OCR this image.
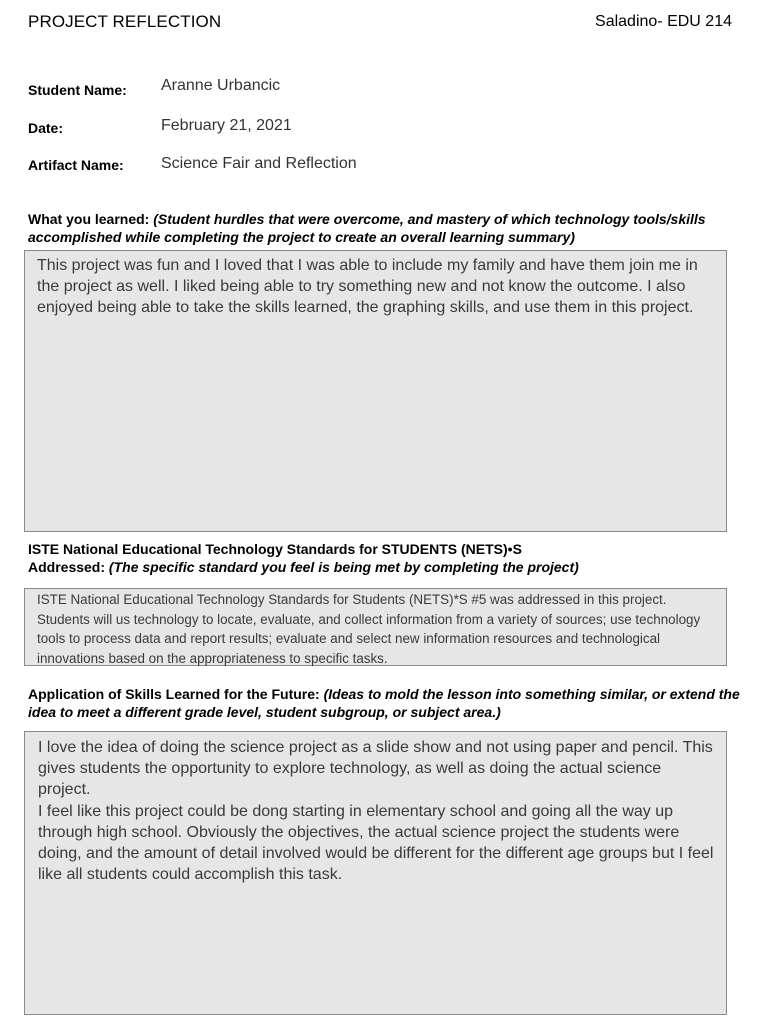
PROJECT REFLECTION	Saladino- EDU 214
Student Name: Aranne Urbancic
Date:	February 21, 2021
Artifact Name: Science Fair and Reflection
What you learned: (Student hurdles that were overcome, and mastery of which technology tools/skills accomplished while completing the project to create an overall learning summary)

This project was fun and I loved that I was able to include my family and have them join me in the project as well. I liked being able to try something new and not know the outcome. I also enjoyed being able to take the skills learned, the graphing skills, and use them in this project.

ISTE National Educational Technology Standards for STUDENTS (NETS)•S
Addressed: (The specific standard you feel is being met by completing the project)

ISTE National Educational Technology Standards for Students (NETS)*S #5 was addressed in this project. Students will us technology to locate, evaluate, and collect information from a variety of sources; use technology tools to process data and report results; evaluate and select new information resources and technological innovations based on the appropriateness to specific tasks.

Application of Skills Learned for the Future: (Ideas to mold the lesson into something similar, or extend the idea to meet a different grade level, student subgroup, or subject area.)

I love the idea of doing the science project as a slide show and not using paper and pencil. This gives students the opportunity to explore technology, as well as doing the actual science project.
I feel like this project could be dong starting in elementary school and going all the way up through high school. Obviously the objectives, the actual science project the students were doing, and the amount of detail involved would be different for the different age groups but I feel like all students could accomplish this task.
